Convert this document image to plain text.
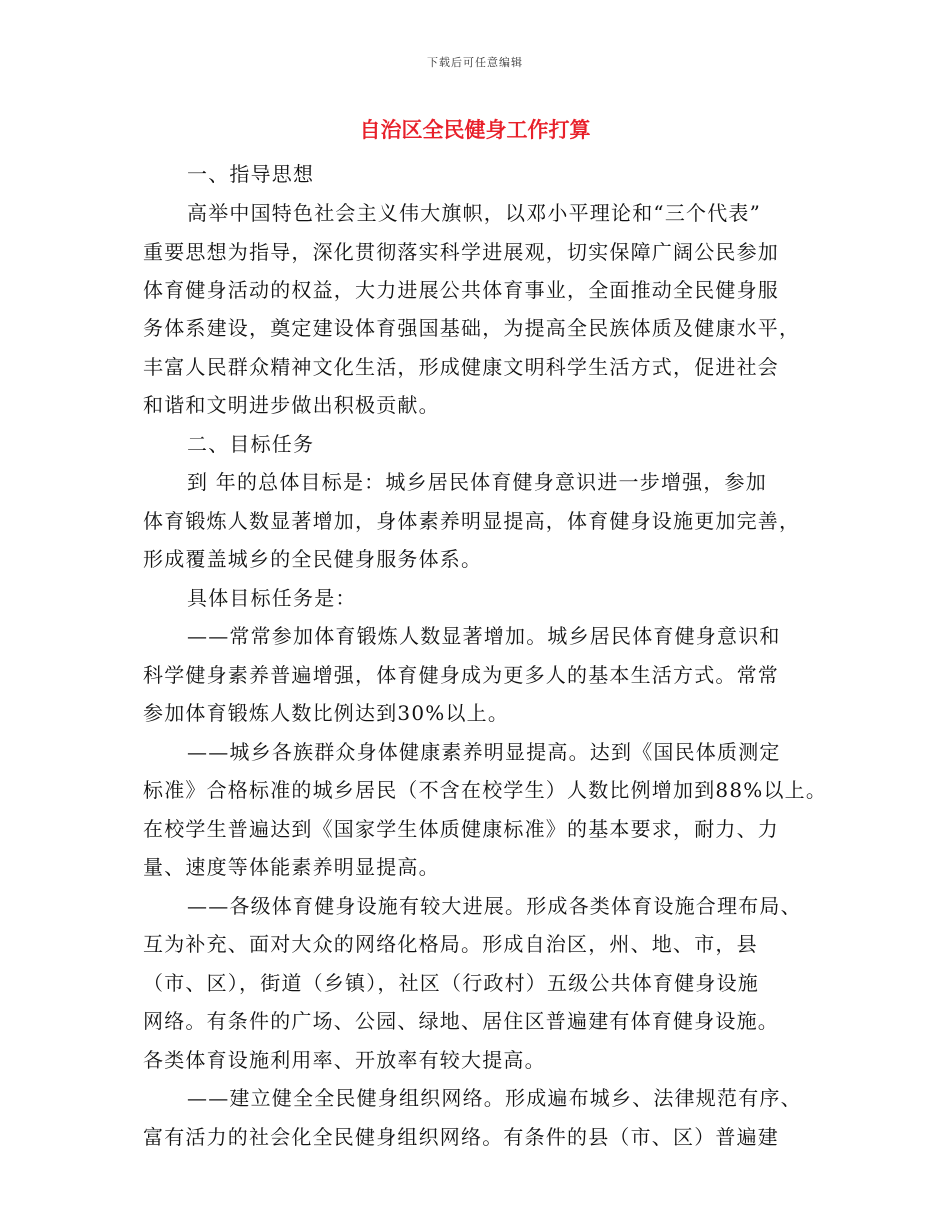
下载后可任意编辑
自治区全民健身工作打算
一、指导思想
高举中国特色社会主义伟大旗帜，以邓小平理论和“三个代表”
重要思想为指导，深化贯彻落实科学进展观，切实保障广阔公民参加
体育健身活动的权益，大力进展公共体育事业，全面推动全民健身服
务体系建设，奠定建设体育强国基础，为提高全民族体质及健康水平，
丰富人民群众精神文化生活，形成健康文明科学生活方式，促进社会
和谐和文明进步做出积极贡献。
二、目标任务
到 年的总体目标是：城乡居民体育健身意识进一步增强，参加
体育锻炼人数显著增加，身体素养明显提高，体育健身设施更加完善，
形成覆盖城乡的全民健身服务体系。
具体目标任务是：
——常常参加体育锻炼人数显著增加。城乡居民体育健身意识和
科学健身素养普遍增强，体育健身成为更多人的基本生活方式。常常
参加体育锻炼人数比例达到30%以上。
——城乡各族群众身体健康素养明显提高。达到《国民体质测定
标准》合格标准的城乡居民（不含在校学生）人数比例增加到88%以上。
在校学生普遍达到《国家学生体质健康标准》的基本要求，耐力、力
量、速度等体能素养明显提高。
——各级体育健身设施有较大进展。形成各类体育设施合理布局、
互为补充、面对大众的网络化格局。形成自治区，州、地、市，县
（市、区），街道（乡镇），社区（行政村）五级公共体育健身设施
网络。有条件的广场、公园、绿地、居住区普遍建有体育健身设施。
各类体育设施利用率、开放率有较大提高。
——建立健全全民健身组织网络。形成遍布城乡、法律规范有序、
富有活力的社会化全民健身组织网络。有条件的县（市、区）普遍建
